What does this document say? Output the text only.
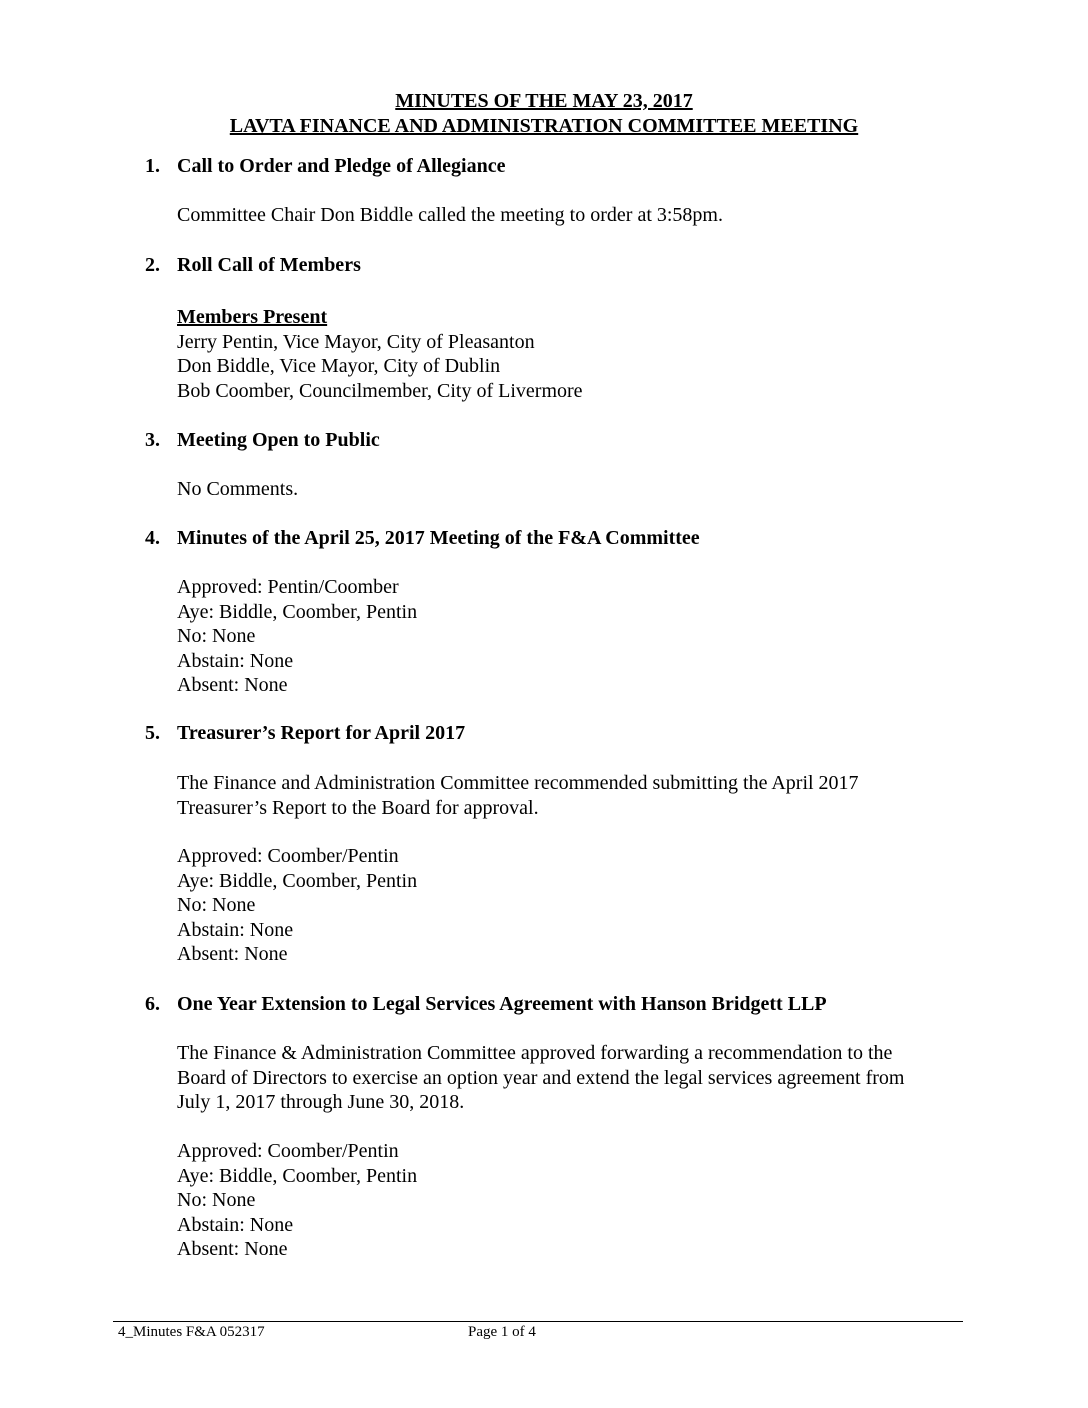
MINUTES OF THE MAY 23, 2017
LAVTA FINANCE AND ADMINISTRATION COMMITTEE MEETING
1. Call to Order and Pledge of Allegiance
Committee Chair Don Biddle called the meeting to order at 3:58pm.
2. Roll Call of Members
Members Present
Jerry Pentin, Vice Mayor, City of Pleasanton
Don Biddle, Vice Mayor, City of Dublin
Bob Coomber, Councilmember, City of Livermore
3. Meeting Open to Public
No Comments.
4. Minutes of the April 25, 2017 Meeting of the F&A Committee
Approved: Pentin/Coomber
Aye: Biddle, Coomber, Pentin
No: None
Abstain: None
Absent: None
5. Treasurer’s Report for April 2017
The Finance and Administration Committee recommended submitting the April 2017
Treasurer’s Report to the Board for approval.
Approved: Coomber/Pentin
Aye: Biddle, Coomber, Pentin
No: None
Abstain: None
Absent: None
6. One Year Extension to Legal Services Agreement with Hanson Bridgett LLP
The Finance & Administration Committee approved forwarding a recommendation to the
Board of Directors to exercise an option year and extend the legal services agreement from
July 1, 2017 through June 30, 2018.
Approved: Coomber/Pentin
Aye: Biddle, Coomber, Pentin
No: None
Abstain: None
Absent: None
4_Minutes F&A 052317	Page 1 of 4
